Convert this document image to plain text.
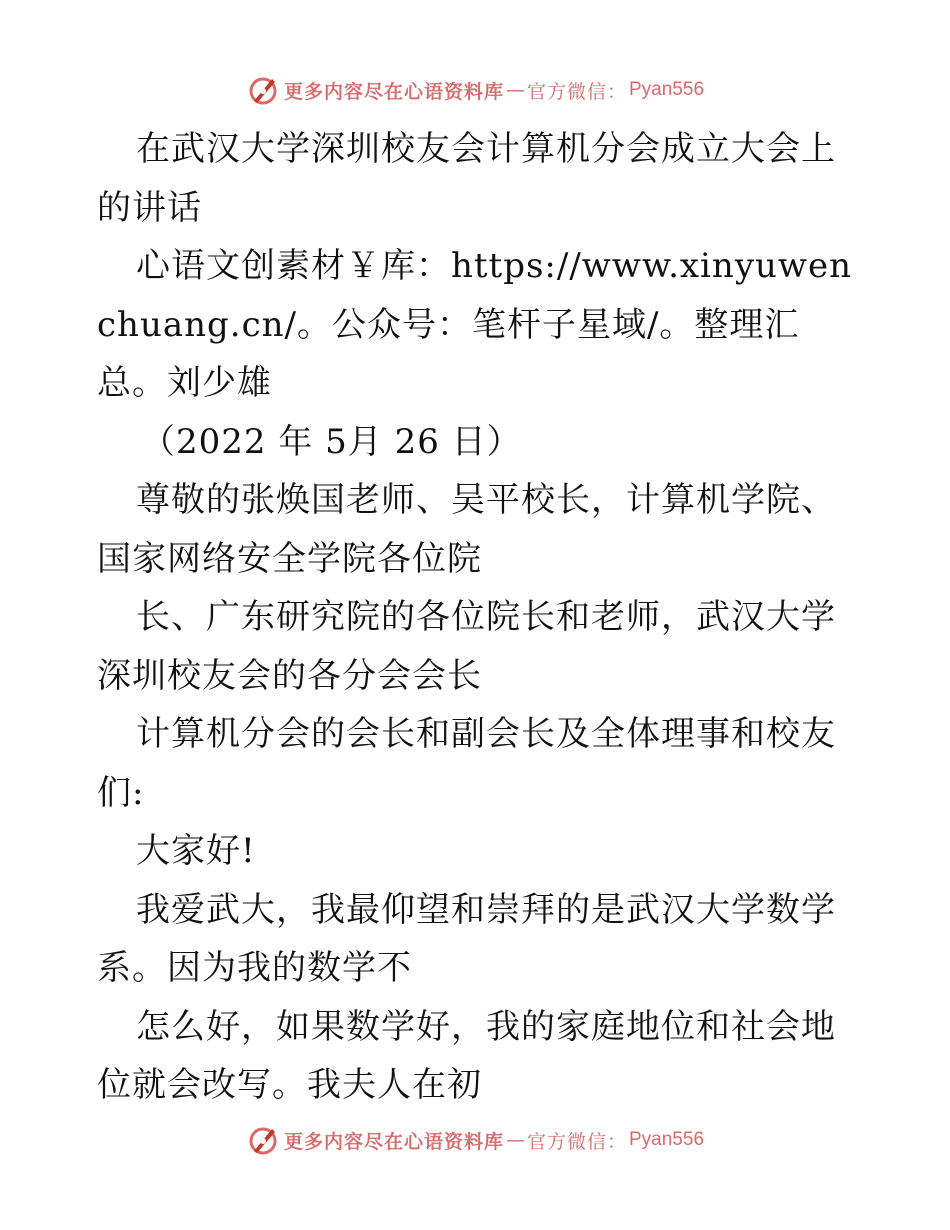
更多内容尽在心语资料库 — 官方微信： Pyan556

在武汉大学深圳校友会计算机分会成立大会上的讲话

心语文创素材￥库：https://www.xinyuwenchuang.cn/。公众号：笔杆子星域/。整理汇总。刘少雄

（2022 年 5月 26 日）

尊敬的张焕国老师、吴平校长，计算机学院、国家网络安全学院各位院

长、广东研究院的各位院长和老师，武汉大学深圳校友会的各分会会长

计算机分会的会长和副会长及全体理事和校友们:

大家好!

我爱武大，我最仰望和崇拜的是武汉大学数学系。因为我的数学不

怎么好，如果数学好，我的家庭地位和社会地位就会改写。我夫人在初

更多内容尽在心语资料库 — 官方微信： Pyan556
